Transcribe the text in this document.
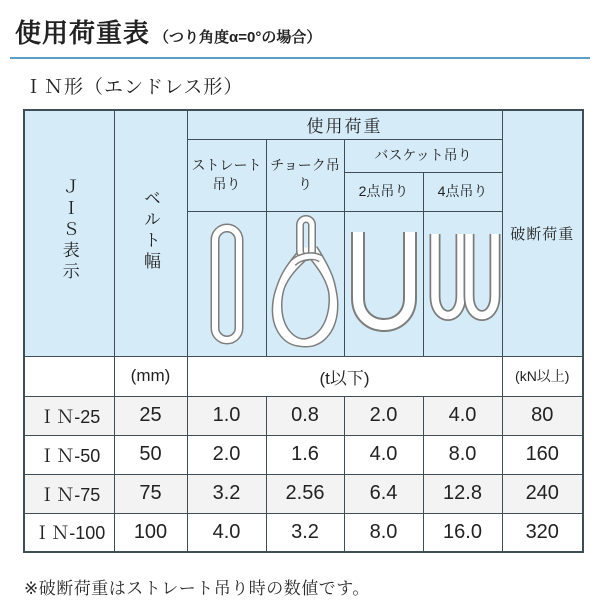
使用荷重表 （つり角度α=0°の場合）
ＩＮ形（エンドレス形）
ＪＩＳ表示	ベルト幅	使用荷重				破断荷重
		ストレート吊り	チョーク吊り	バスケット吊り		
				2点吊り	4点吊り	

	(mm)	(t以下)				(kN以上)
ＩＮ-25	25	1.0	0.8	2.0	4.0	80
ＩＮ-50	50	2.0	1.6	4.0	8.0	160
ＩＮ-75	75	3.2	2.56	6.4	12.8	240
ＩＮ-100	100	4.0	3.2	8.0	16.0	320
※破断荷重はストレート吊り時の数値です。
